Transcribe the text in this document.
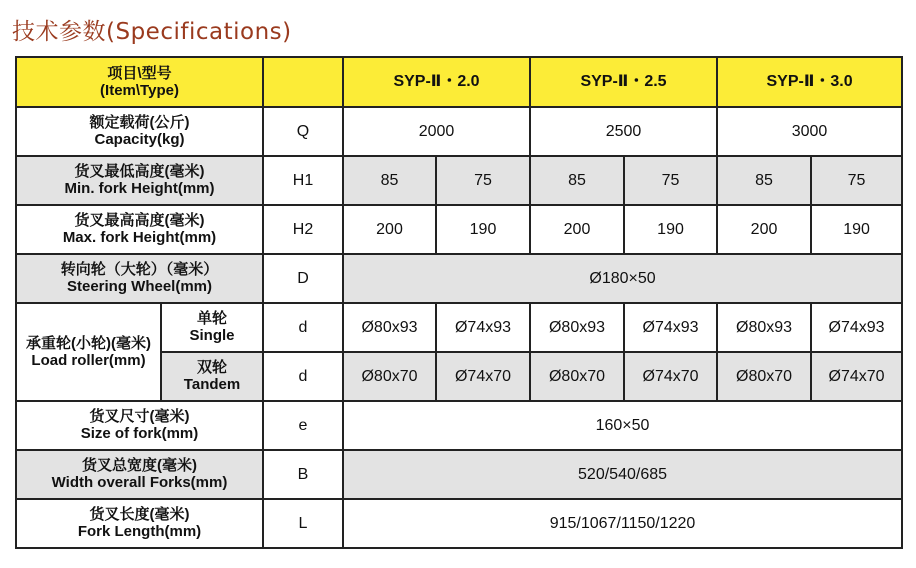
技术参数(Specifications)
项目\型号
(Item\Type)			SYP-Ⅱ・2.0		SYP-Ⅱ・2.5		SYP-Ⅱ・3.0	

额定载荷(公斤)
Capacity(kg)		Q	2000		2500		3000	

货叉最低高度(毫米)
Min. fork Height(mm)		H1	85	75	85	75	85	75

货叉最高高度(毫米)
Max. fork Height(mm)		H2	200	190	200	190	200	190

转向轮（大轮）（毫米）
Steering Wheel(mm)		D	Ø180×50					

承重轮(小轮)(毫米)
Load roller(mm)	单轮
Single	d	Ø80x93	Ø74x93	Ø80x93	Ø74x93	Ø80x93	Ø74x93

	双轮
Tandem	d	Ø80x70	Ø74x70	Ø80x70	Ø74x70	Ø80x70	Ø74x70

货叉尺寸(毫米)
Size of fork(mm)		e	160×50					

货叉总宽度(毫米)
Width overall Forks(mm)		B	520/540/685					

货叉长度(毫米)
Fork Length(mm)		L	915/1067/1150/1220					
